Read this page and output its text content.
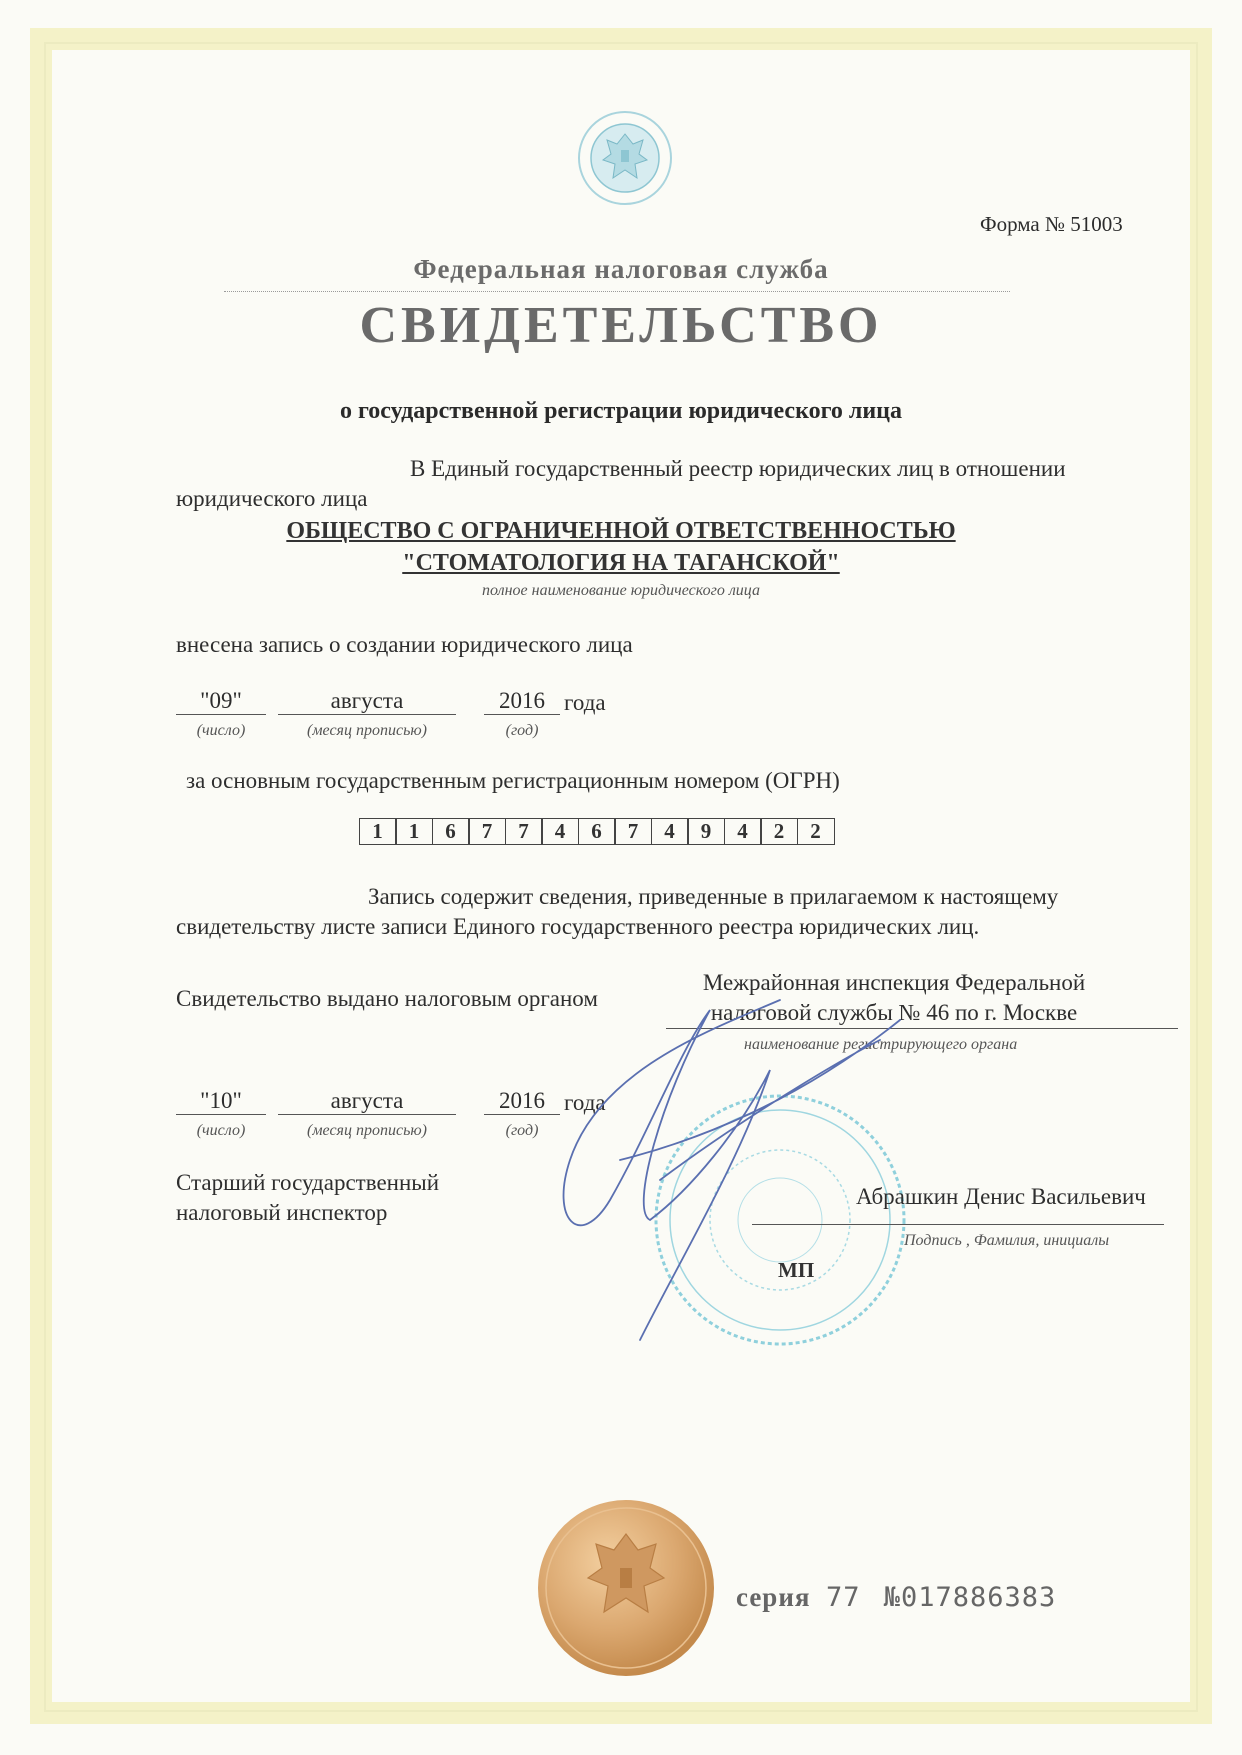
Форма № 51003
Федеральная налоговая служба
СВИДЕТЕЛЬСТВО
о государственной регистрации юридического лица
В Единый государственный реестр юридических лиц в отношении
юридического лица
ОБЩЕСТВО С ОГРАНИЧЕННОЙ ОТВЕТСТВЕННОСТЬЮ
"СТОМАТОЛОГИЯ НА ТАГАНСКОЙ"
полное наименование юридического лица
внесена запись о создании юридического лица
"09"	августа	2016 года
(число)	(месяц прописью)	(год)
за основным государственным регистрационным номером (ОГРН)
1	1	6	7	7	4	6	7	4	9	4	2	2
Запись содержит сведения, приведенные в прилагаемом к настоящему
свидетельству листе записи Единого государственного реестра юридических лиц.
Свидетельство выдано налоговым органом
Межрайонная инспекция Федеральной
налоговой службы № 46 по г. Москве
наименование регистрирующего органа
"10"	августа	2016 года
(число)	(месяц прописью)	(год)
Старший государственный
налоговый инспектор
Абрашкин Денис Васильевич
Подпись , Фамилия, инициалы
МП
серия 77 №017886383
